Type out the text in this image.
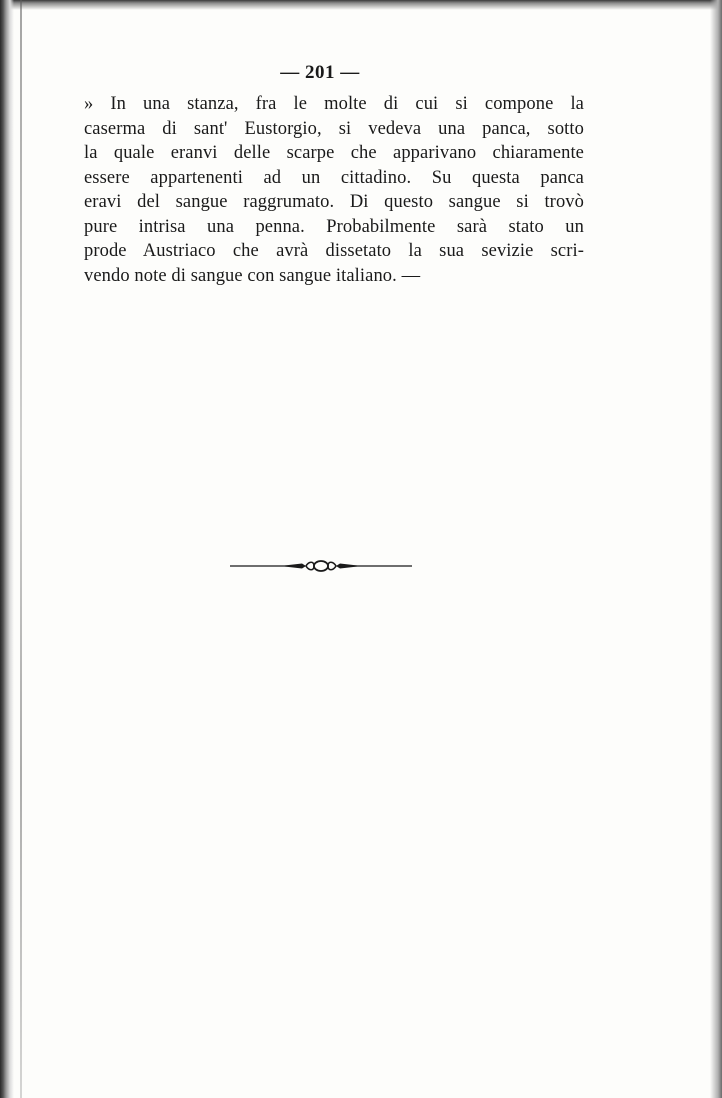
— 201 —

» In una stanza, fra le molte di cui si compone la
caserma di sant' Eustorgio, si vedeva una panca, sotto
la quale eranvi delle scarpe che apparivano chiaramente
essere appartenenti ad un cittadino. Su questa panca
eravi del sangue raggrumato. Di questo sangue si trovò
pure intrisa una penna. Probabilmente sarà stato un
prode Austriaco che avrà dissetato la sua sevizie scri-
vendo note di sangue con sangue italiano. —
